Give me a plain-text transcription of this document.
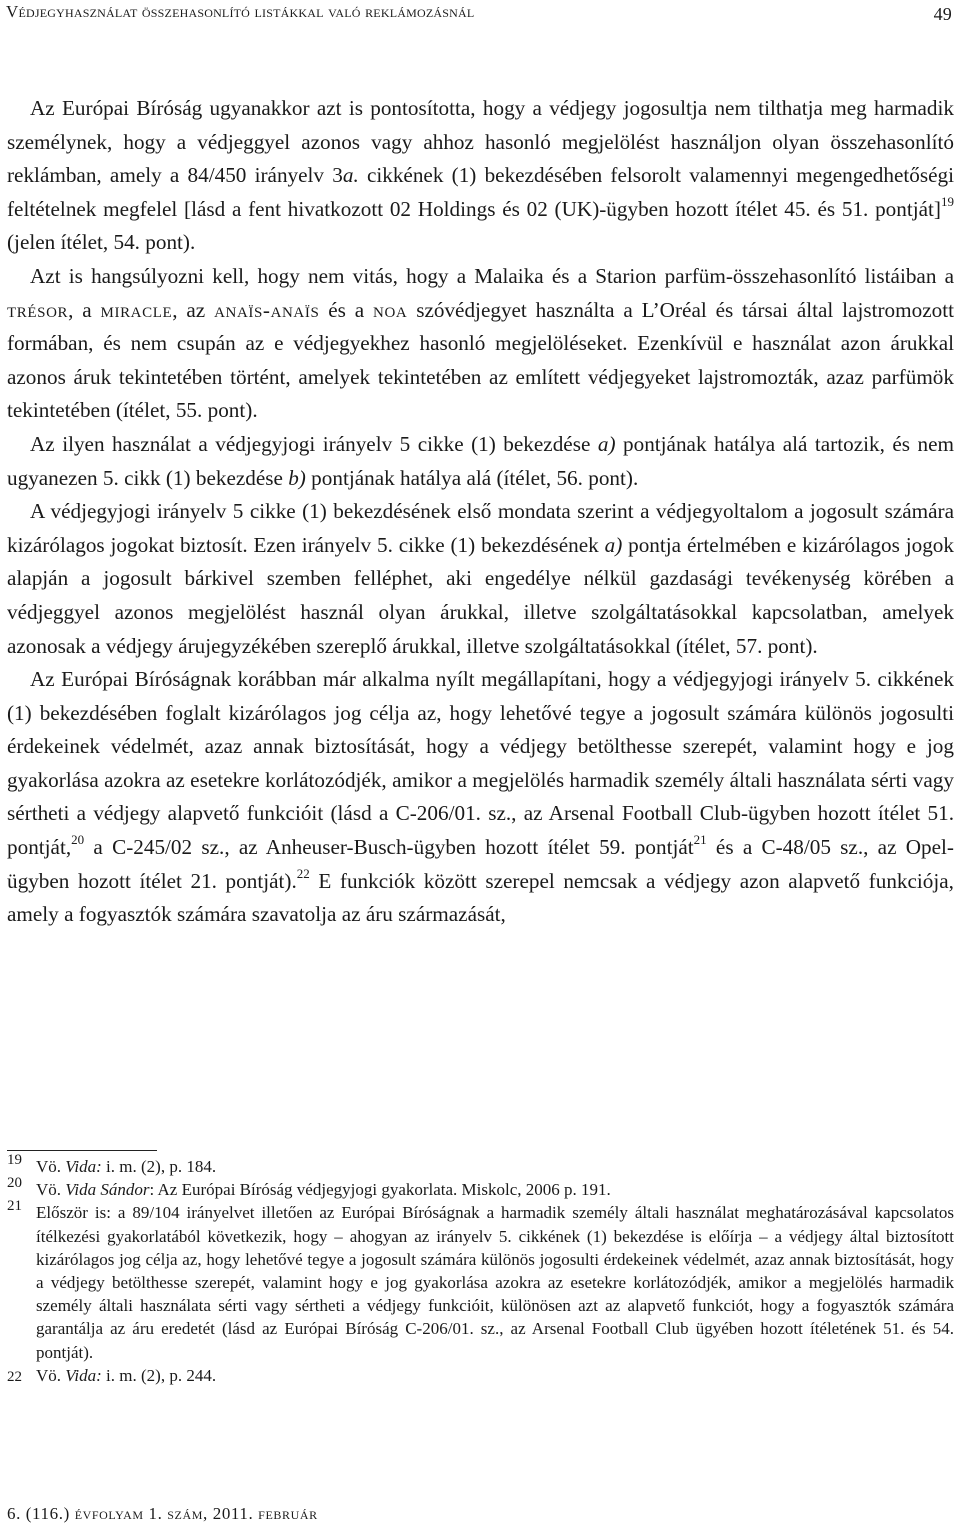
Védjegyhasználat összehasonlító listákkal való reklámozásnál	49

Az Európai Bíróság ugyanakkor azt is pontosította, hogy a védjegy jogosultja nem tilthatja meg harmadik személynek, hogy a védjeggyel azonos vagy ahhoz hasonló megjelölést használjon olyan összehasonlító reklámban, amely a 84/450 irányelv 3a. cikkének (1) bekezdésében felsorolt valamennyi megengedhetőségi feltételnek megfelel [lásd a fent hivatkozott 02 Holdings és 02 (UK)-ügyben hozott ítélet 45. és 51. pontját]$^{19}$ (jelen ítélet, 54. pont).

Azt is hangsúlyozni kell, hogy nem vitás, hogy a Malaika és a Starion parfüm-összehasonlító listáiban a trésor, a miracle, az anaïs-anaïs és a noa szóvédjegyet használta a L’Oréal és társai által lajstromozott formában, és nem csupán az e védjegyekhez hasonló megjelöléseket. Ezenkívül e használat azon árukkal azonos áruk tekintetében történt, amelyek tekintetében az említett védjegyeket lajstromozták, azaz parfümök tekintetében (ítélet, 55. pont).

Az ilyen használat a védjegyjogi irányelv 5 cikke (1) bekezdése a) pontjának hatálya alá tartozik, és nem ugyanezen 5. cikk (1) bekezdése b) pontjának hatálya alá (ítélet, 56. pont).

A védjegyjogi irányelv 5 cikke (1) bekezdésének első mondata szerint a védjegyoltalom a jogosult számára kizárólagos jogokat biztosít. Ezen irányelv 5. cikke (1) bekezdésének a) pontja értelmében e kizárólagos jogok alapján a jogosult bárkivel szemben felléphet, aki engedélye nélkül gazdasági tevékenység körében a védjeggyel azonos megjelölést használ olyan árukkal, illetve szolgáltatásokkal kapcsolatban, amelyek azonosak a védjegy árujegyzékében szereplő árukkal, illetve szolgáltatásokkal (ítélet, 57. pont).

Az Európai Bíróságnak korábban már alkalma nyílt megállapítani, hogy a védjegyjogi irányelv 5. cikkének (1) bekezdésében foglalt kizárólagos jog célja az, hogy lehetővé tegye a jogosult számára különös jogosulti érdekeinek védelmét, azaz annak biztosítását, hogy a védjegy betölthesse szerepét, valamint hogy e jog gyakorlása azokra az esetekre korlátozódjék, amikor a megjelölés harmadik személy általi használata sérti vagy sértheti a védjegy alapvető funkcióit (lásd a C-206/01. sz., az Arsenal Football Club-ügyben hozott ítélet 51. pontját,$^{20}$ a C-245/02 sz., az Anheuser-Busch-ügyben hozott ítélet 59. pontját$^{21}$ és a C-48/05 sz., az Opel-ügyben hozott ítélet 21. pontját).$^{22}$ E funkciók között szerepel nemcsak a védjegy azon alapvető funkciója, amely a fogyasztók számára szavatolja az áru származását,

19 Vö. Vida: i. m. (2), p. 184.
20 Vö. Vida Sándor: Az Európai Bíróság védjegyjogi gyakorlata. Miskolc, 2006 p. 191.
21 Először is: a 89/104 irányelvet illetően az Európai Bíróságnak a harmadik személy általi használat meghatározásával kapcsolatos ítélkezési gyakorlatából következik, hogy – ahogyan az irányelv 5. cikkének (1) bekezdése is előírja – a védjegy által biztosított kizárólagos jog célja az, hogy lehetővé tegye a jogosult számára különös jogosulti érdekeinek védelmét, azaz annak biztosítását, hogy a védjegy betölthesse szerepét, valamint hogy e jog gyakorlása azokra az esetekre korlátozódjék, amikor a megjelölés harmadik személy általi használata sérti vagy sértheti a védjegy funkcióit, különösen azt az alapvető funkciót, hogy a fogyasztók számára garantálja az áru eredetét (lásd az Európai Bíróság C-206/01. sz., az Arsenal Football Club ügyében hozott ítéletének 51. és 54. pontját).
22 Vö. Vida: i. m. (2), p. 244.
6. (116.) évfolyam 1. szám, 2011. február
